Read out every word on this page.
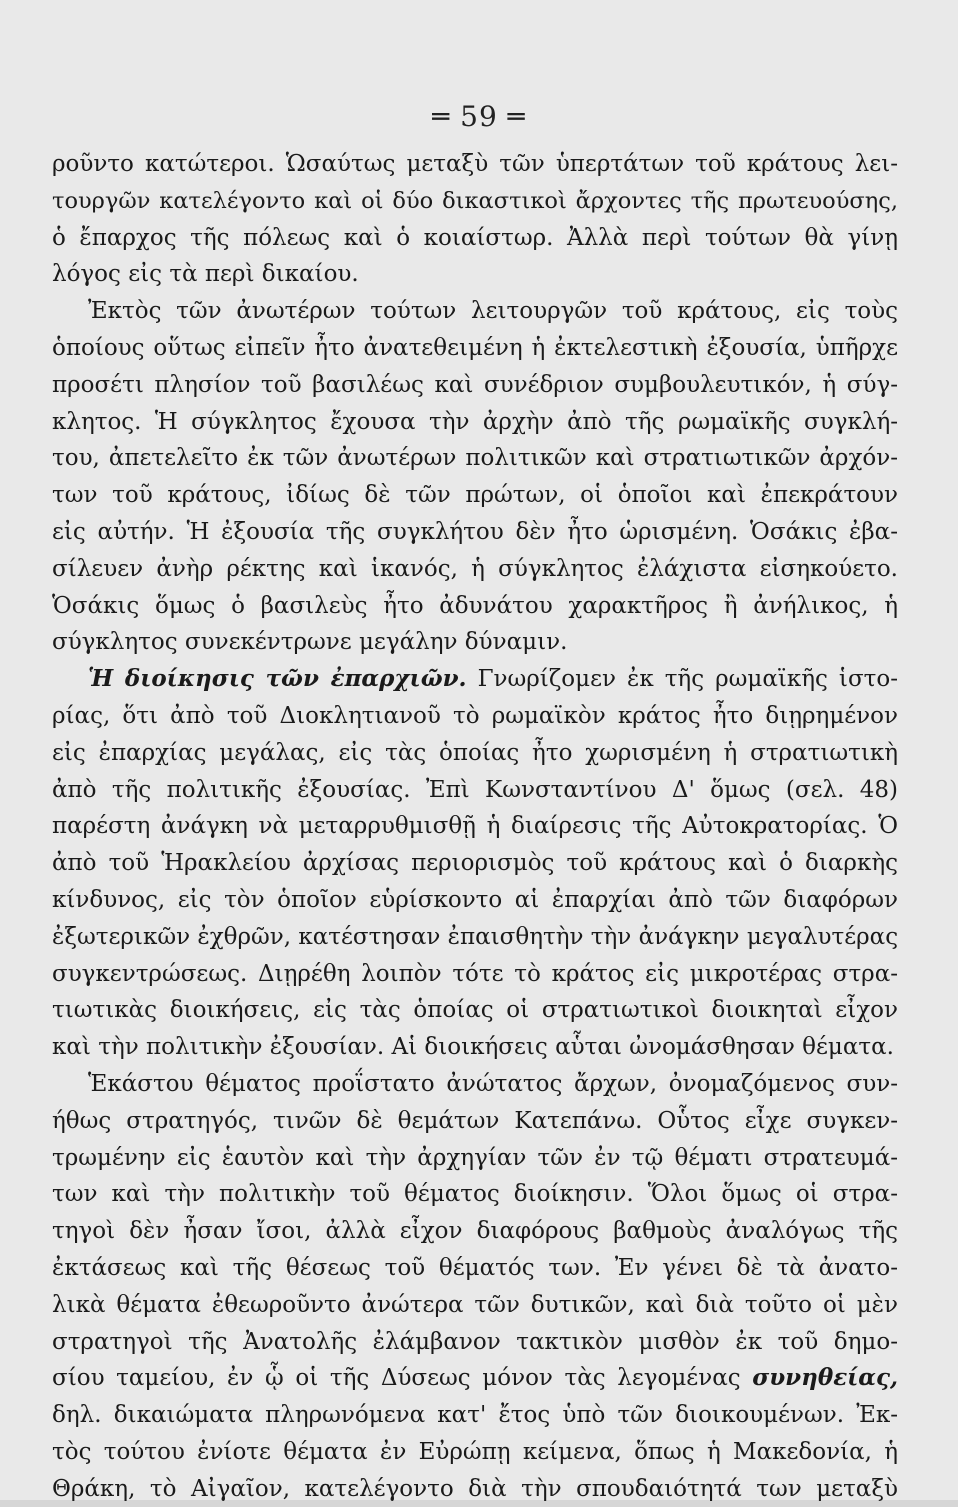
═ 59 ═
ροῦντο κατώτεροι. Ὡσαύτως μεταξὺ τῶν ὑπερτάτων τοῦ κράτους λει-
τουργῶν κατελέγοντο καὶ οἱ δύο δικαστικοὶ ἄρχοντες τῆς πρωτευούσης,
ὁ ἔπαρχος τῆς πόλεως καὶ ὁ κοιαίστωρ. Ἀλλὰ περὶ τούτων θὰ γίνῃ
λόγος εἰς τὰ περὶ δικαίου.
Ἐκτὸς τῶν ἀνωτέρων τούτων λειτουργῶν τοῦ κράτους, εἰς τοὺς
ὁποίους οὕτως εἰπεῖν ἦτο ἀνατεθειμένη ἡ ἐκτελεστικὴ ἐξουσία, ὑπῆρχε
προσέτι πλησίον τοῦ βασιλέως καὶ συνέδριον συμβουλευτικόν, ἡ σύγ-
κλητος. Ἡ σύγκλητος ἔχουσα τὴν ἀρχὴν ἀπὸ τῆς ρωμαϊκῆς συγκλή-
του, ἀπετελεῖτο ἐκ τῶν ἀνωτέρων πολιτικῶν καὶ στρατιωτικῶν ἀρχόν-
των τοῦ κράτους, ἰδίως δὲ τῶν πρώτων, οἱ ὁποῖοι καὶ ἐπεκράτουν
εἰς αὐτήν. Ἡ ἐξουσία τῆς συγκλήτου δὲν ἦτο ὡρισμένη. Ὁσάκις ἐβα-
σίλευεν ἀνὴρ ρέκτης καὶ ἱκανός, ἡ σύγκλητος ἐλάχιστα εἰσηκούετο.
Ὁσάκις ὅμως ὁ βασιλεὺς ἦτο ἀδυνάτου χαρακτῆρος ἢ ἀνήλικος, ἡ
σύγκλητος συνεκέντρωνε μεγάλην δύναμιν.
Ἡ διοίκησις τῶν ἐπαρχιῶν. Γνωρίζομεν ἐκ τῆς ρωμαϊκῆς ἱστο-
ρίας, ὅτι ἀπὸ τοῦ Διοκλητιανοῦ τὸ ρωμαϊκὸν κράτος ἦτο διῃρημένον
εἰς ἐπαρχίας μεγάλας, εἰς τὰς ὁποίας ἦτο χωρισμένη ἡ στρατιωτικὴ
ἀπὸ τῆς πολιτικῆς ἐξουσίας. Ἐπὶ Κωνσταντίνου Δ' ὅμως (σελ. 48)
παρέστη ἀνάγκη νὰ μεταρρυθμισθῇ ἡ διαίρεσις τῆς Αὐτοκρατορίας. Ὁ
ἀπὸ τοῦ Ἡρακλείου ἀρχίσας περιορισμὸς τοῦ κράτους καὶ ὁ διαρκὴς
κίνδυνος, εἰς τὸν ὁποῖον εὑρίσκοντο αἱ ἐπαρχίαι ἀπὸ τῶν διαφόρων
ἐξωτερικῶν ἐχθρῶν, κατέστησαν ἐπαισθητὴν τὴν ἀνάγκην μεγαλυτέρας
συγκεντρώσεως. Διῃρέθη λοιπὸν τότε τὸ κράτος εἰς μικροτέρας στρα-
τιωτικὰς διοικήσεις, εἰς τὰς ὁποίας οἱ στρατιωτικοὶ διοικηταὶ εἶχον
καὶ τὴν πολιτικὴν ἐξουσίαν. Αἱ διοικήσεις αὗται ὠνομάσθησαν θέματα.
Ἑκάστου θέματος προΐστατο ἀνώτατος ἄρχων, ὀνομαζόμενος συν-
ήθως στρατηγός, τινῶν δὲ θεμάτων Κατεπάνω. Οὗτος εἶχε συγκεν-
τρωμένην εἰς ἑαυτὸν καὶ τὴν ἀρχηγίαν τῶν ἐν τῷ θέματι στρατευμά-
των καὶ τὴν πολιτικὴν τοῦ θέματος διοίκησιν. Ὅλοι ὅμως οἱ στρα-
τηγοὶ δὲν ἦσαν ἴσοι, ἀλλὰ εἶχον διαφόρους βαθμοὺς ἀναλόγως τῆς
ἐκτάσεως καὶ τῆς θέσεως τοῦ θέματός των. Ἐν γένει δὲ τὰ ἀνατο-
λικὰ θέματα ἐθεωροῦντο ἀνώτερα τῶν δυτικῶν, καὶ διὰ τοῦτο οἱ μὲν
στρατηγοὶ τῆς Ἀνατολῆς ἐλάμβανον τακτικὸν μισθὸν ἐκ τοῦ δημο-
σίου ταμείου, ἐν ᾧ οἱ τῆς Δύσεως μόνον τὰς λεγομένας συνηθείας,
δηλ. δικαιώματα πληρωνόμενα κατ' ἔτος ὑπὸ τῶν διοικουμένων. Ἐκ-
τὸς τούτου ἐνίοτε θέματα ἐν Εὐρώπῃ κείμενα, ὅπως ἡ Μακεδονία, ἡ
Θράκη, τὸ Αἰγαῖον, κατελέγοντο διὰ τὴν σπουδαιότητά των μεταξὺ
